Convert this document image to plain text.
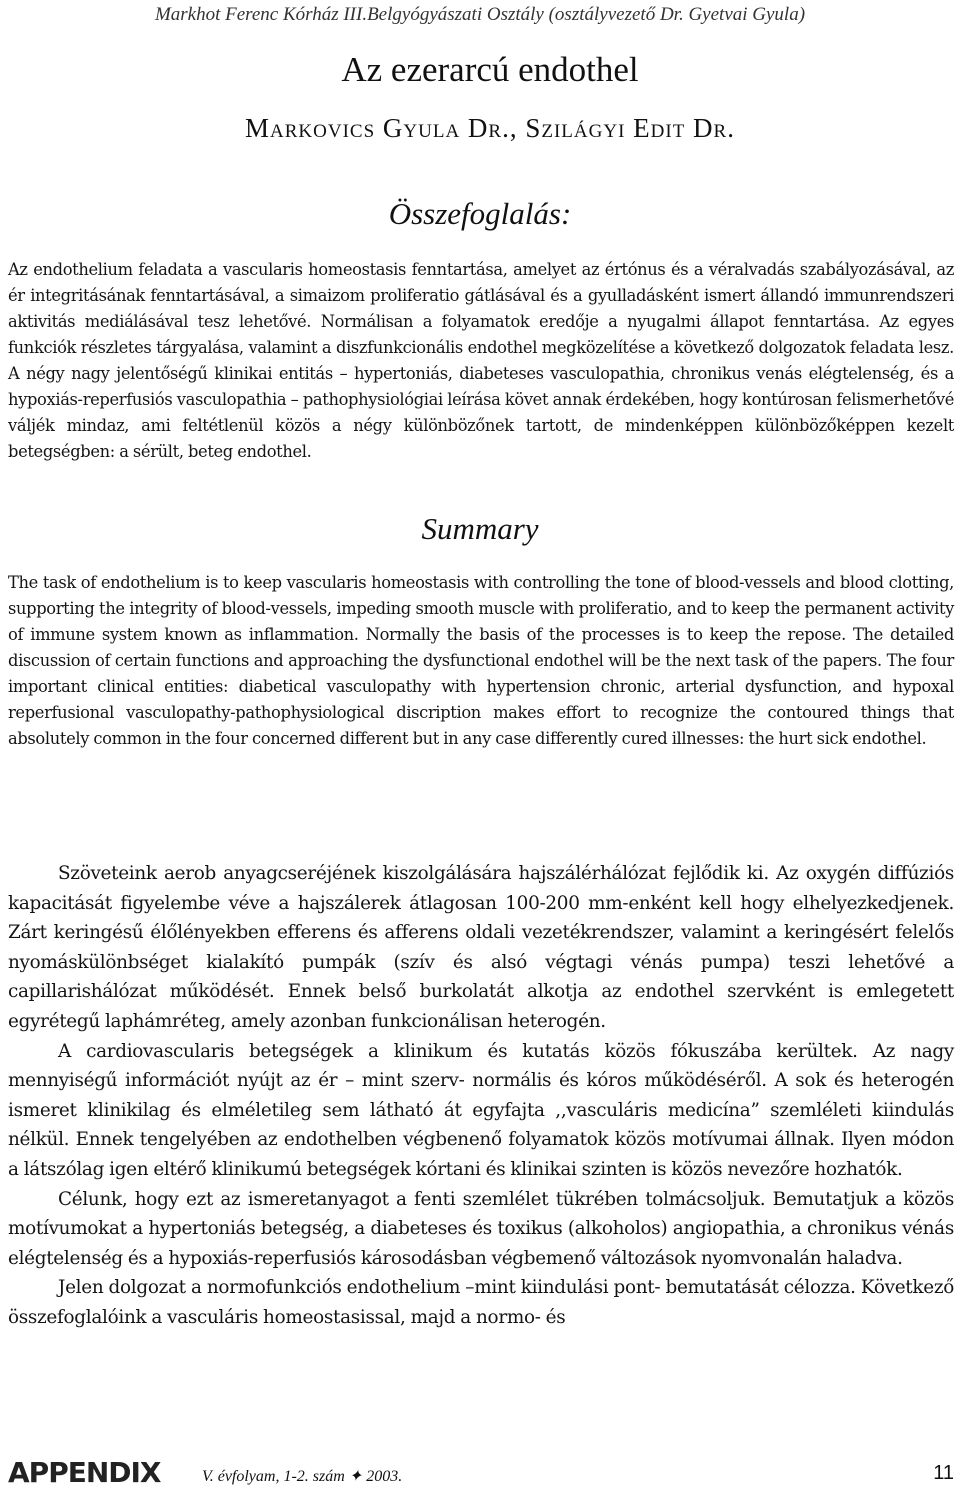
Markhot Ferenc Kórház III.Belgyógyászati Osztály (osztályvezető Dr. Gyetvai Gyula)
Az ezerarcú endothel
Markovics Gyula Dr., Szilágyi Edit Dr.
Összefoglalás:

Az endothelium feladata a vascularis homeostasis fenntartása, amelyet az értónus és a véralvadás szabályozásával, az ér integritásának fenntartásával, a simaizom proliferatio gátlásával és a gyulladásként ismert állandó immunrendszeri aktivitás mediálásával tesz lehetővé. Normálisan a folyamatok eredője a nyugalmi állapot fenntartása. Az egyes funkciók részletes tárgyalása, valamint a diszfunkcionális endothel megközelítése a következő dolgozatok feladata lesz. A négy nagy jelentőségű klinikai entitás – hypertoniás, diabeteses vasculopathia, chronikus venás elégtelenség, és a hypoxiás-reperfusiós vasculopathia – pathophysiológiai leírása követ annak érdekében, hogy kontúrosan felismerhetővé váljék mindaz, ami feltétlenül közös a négy különbözőnek tartott, de mindenképpen különbözőképpen kezelt betegségben: a sérült, beteg endothel.

Summary

The task of endothelium is to keep vascularis homeostasis with controlling the tone of blood-vessels and blood clotting, supporting the integrity of blood-vessels, impeding smooth muscle with proliferatio, and to keep the permanent activity of immune system known as inflammation. Normally the basis of the processes is to keep the repose. The detailed discussion of certain functions and approaching the dysfunctional endothel will be the next task of the papers. The four important clinical entities: diabetical vasculopathy with hypertension chronic, arterial dysfunction, and hypoxal reperfusional vasculopathy-pathophysiological discription makes effort to recognize the contoured things that absolutely common in the four concerned different but in any case differently cured illnesses: the hurt sick endothel.

Szöveteink aerob anyagcseréjének kiszolgálására hajszálérhálózat fejlődik ki. Az oxygén diffúziós kapacitását figyelembe véve a hajszálerek átlagosan 100-200 mm-enként kell hogy elhelyezkedjenek. Zárt keringésű élőlényekben efferens és afferens oldali vezetékrendszer, valamint a keringésért felelős nyomáskülönbséget kialakító pumpák (szív és alsó végtagi vénás pumpa) teszi lehetővé a capillarishálózat működését. Ennek belső burkolatát alkotja az endothel szervként is emlegetett egyrétegű laphámréteg, amely azonban funkcionálisan heterogén.

A cardiovascularis betegségek a klinikum és kutatás közös fókuszába kerültek. Az nagy mennyiségű információt nyújt az ér – mint szerv- normális és kóros működéséről. A sok és heterogén ismeret klinikilag és elméletileg sem látható át egyfajta ,,vasculáris medicína” szemléleti kiindulás nélkül. Ennek tengelyében az endothelben végbenenő folyamatok közös motívumai állnak. Ilyen módon a látszólag igen eltérő klinikumú betegségek kórtani és klinikai szinten is közös nevezőre hozhatók.

Célunk, hogy ezt az ismeretanyagot a fenti szemlélet tükrében tolmácsoljuk. Bemutatjuk a közös motívumokat a hypertoniás betegség, a diabeteses és toxikus (alkoholos) angiopathia, a chronikus vénás elégtelenség és a hypoxiás-reperfusiós károsodásban végbemenő változások nyomvonalán haladva.

Jelen dolgozat a normofunkciós endothelium –mint kiindulási pont- bemutatását célozza. Következő összefoglalóink a vasculáris homeostasissal, majd a normo- és

APPENDIX	V. évfolyam, 1-2. szám ✦ 2003.	11
